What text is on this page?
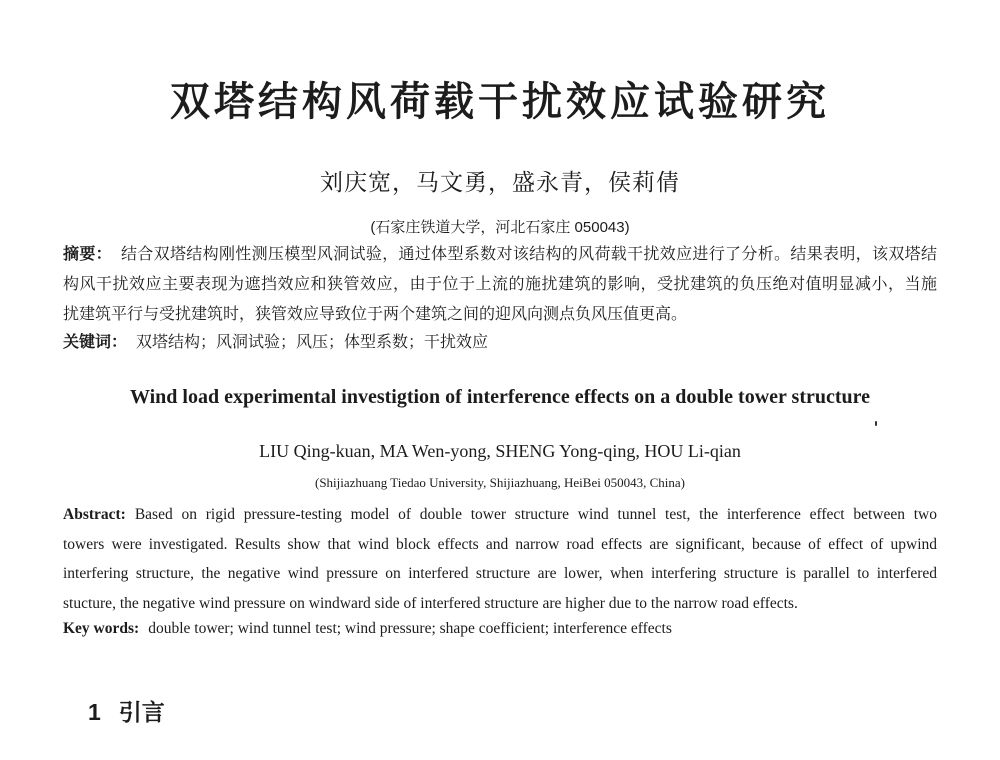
双塔结构风荷载干扰效应试验研究
刘庆宽，马文勇，盛永青，侯莉倩
(石家庄铁道大学，河北石家庄 050043)
摘要： 结合双塔结构刚性测压模型风洞试验，通过体型系数对该结构的风荷载干扰效应进行了分析。结果表明，该双塔结
构风干扰效应主要表现为遮挡效应和狭管效应，由于位于上流的施扰建筑的影响，受扰建筑的负压绝对值明显减小，当施
扰建筑平行与受扰建筑时，狭管效应导致位于两个建筑之间的迎风向测点负风压值更高。
关键词： 双塔结构；风洞试验；风压；体型系数；干扰效应
Wind load experimental investigtion of interference effects on a double tower structure
LIU Qing-kuan, MA Wen-yong, SHENG Yong-qing, HOU Li-qian
(Shijiazhuang Tiedao University, Shijiazhuang, HeiBei 050043, China)
Abstract: Based on rigid pressure-testing model of double tower structure wind tunnel test, the interference effect between two
towers were investigated. Results show that wind block effects and narrow road effects are significant, because of effect of upwind
interfering structure, the negative wind pressure on interfered structure are lower, when interfering structure is parallel to interfered
stucture, the negative wind pressure on windward side of interfered structure are higher due to the narrow road effects.
Key words: double tower; wind tunnel test; wind pressure; shape coefficient; interference effects
1 引言
